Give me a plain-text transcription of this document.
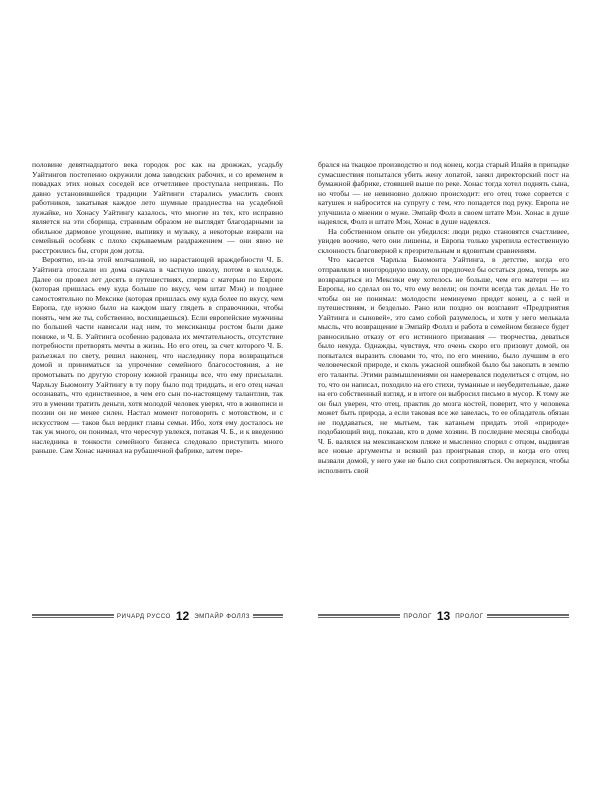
половине девятнадцатого века городок рос как на дрожжах, усадьбу Уайтингов постепенно окружили дома заводских рабочих, и со временем в повадках этих новых соседей все отчетливее проступала неприязнь. По давно установившейся традиции Уайтинги старались умаслить своих работников, закатывая каждое лето шумные празднества на усадебной лужайке, но Хонасу Уайтингу казалось, что многие из тех, кто исправно является на эти сборища, странным образом не выглядят благодарными за обильное дармовое угощение, выпивку и музыку, а некоторые взирали на семейный особняк с плохо скрываемым раздражением — они явно не расстроились бы, сгори дом дотла.

Вероятно, из-за этой молчаливой, но нарастающей враждебности Ч. Б. Уайтинга отослали из дома сначала в частную школу, потом в колледж. Далее он провел лет десять в путешествиях, сперва с матерью по Европе (которая пришлась ему куда больше по вкусу, чем штат Мэн) и позднее самостоятельно по Мексике (которая пришлась ему куда более по вкусу, чем Европа, где нужно было на каждом шагу глядеть в справочники, чтобы понять, чем же ты, собственно, восхищаешься). Если европейские мужчины по большей части нависали над ним, то мексиканцы ростом были даже пониже, и Ч. Б. Уайтинга особенно радовала их мечтательность, отсутствие потребности претворять мечты в жизнь. Но его отец, за счет которого Ч. Б. разъезжал по свету, решил наконец, что наследнику пора возвращаться домой и приниматься за упрочение семейного благосостояния, а не промотывать по другую сторону южной границы все, что ему присылали. Чарльзу Бьюмонту Уайтингу в ту пору было под тридцать, и его отец начал осознавать, что единственное, в чем его сын по-настоящему талантлив, так это в умении тратить деньги, хотя молодой человек уверял, что в живописи и поэзии он не менее силен. Настал момент поговорить с мотовством, и с искусством — таков был вердикт главы семьи. Ибо, хотя ему досталось не так уж много, он понимал, что чересчур увлекся, потакая Ч. Б., и к введению наследника в тонкости семейного бизнеса следовало приступить много раньше. Сам Хонас начинал на рубашечной фабрике, затем пере-

брался на ткацкое производство и под конец, когда старый Илайя в припадке сумасшествия попытался убить жену лопатой, занял директорский пост на бумажной фабрике, стоявшей выше по реке. Хонас тогда хотел поднять сына, но чтобы — не невиновно должно происходит: его отец тоже сорвется с катушек и набросится на супругу с тем, что попадется под руку. Европа не улучшила о мнении о муже. Эмпайр Фолз в своем штате Мэн. Хонас в душе надеялся, Фолз и штате Мэн, Хонас в душе надеялся.

На собственном опыте он убедился: люди редко становятся счастливее, увидев воочию, чего они лишены, и Европа только укрепила естественную склонность благоверной к презрительным и ядовитым сравнениям.

Что касается Чарльза Бьюмонта Уайтинга, в детстве, когда его отправляли в иногородную школу, он предпочел бы остаться дома, теперь же возвращаться из Мексики ему хотелось не больше, чем его матери — из Европы, но сделал он то, что ему велели; он почти всегда так делал. Не то чтобы он не понимал: молодости неминуемо придет конец, а с ней и путешествиям, и безделью. Рано или поздно он возглавит «Предприятия Уайтинга и сыновей», это само собой разумелось, и хотя у него мелькала мысль, что возвращение в Эмпайр Фоллз и работа в семейном бизнесе будет равносильно отказу от его истинного призвания — творчества, деваться было некуда. Однажды, чувствуя, что очень скоро его призовут домой, он попытался выразить словами то, что, по его мнению, было лучшим в его человеческой природе, и сколь ужасной ошибкой было бы закопать в землю его таланты. Этими размышлениями он намеревался поделиться с отцом, но то, что он написал, походило на его стихи, туманные и неубедительные, даже на его собственный взгляд, и в итоге он выбросил письмо в мусор. К тому же он был уверен, что отец, практик до мозга костей, поверит, что у человека может быть природа, а если таковая все же завелась, то ее обладатель обязан не поддаваться, не мытьем, так катаньем придать этой «природе» подобающий вид, показав, кто в доме хозяин. В последние месяцы свободы Ч. Б. валялся на мексиканском пляже и мысленно спорил с отцом, выдвигая все новые аргументы и всякий раз проигрывая спор, и когда его отец вызвали домой, у него уже не было сил сопротивляться. Он вернулся, чтобы исполнить свой

РИЧАРД РУССО 12 ЭМПАЙР ФОЛЛЗ	ПРОЛОГ 13 ПРОЛОГ
